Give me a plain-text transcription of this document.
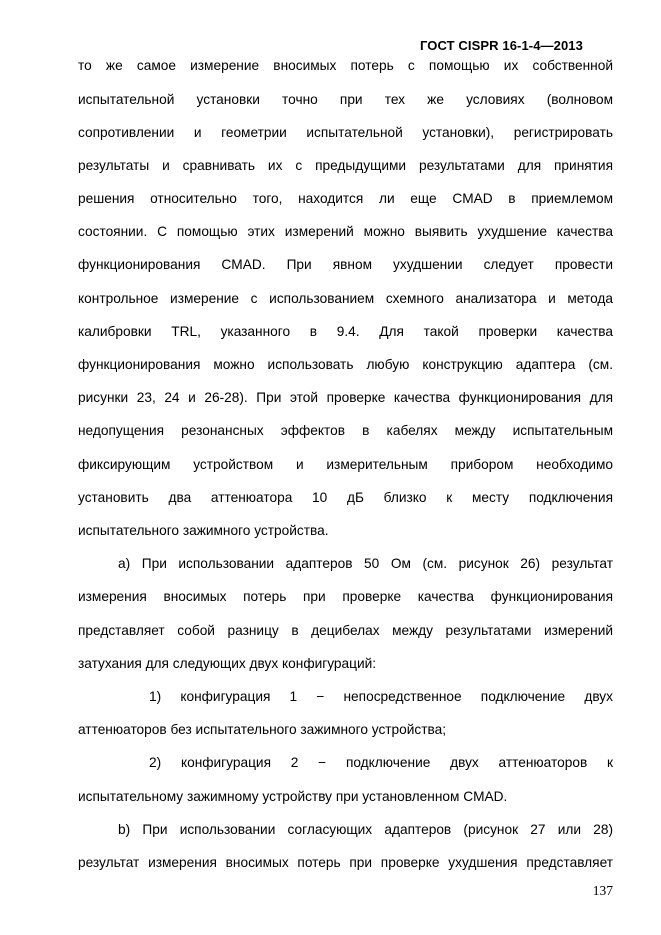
ГОСТ CISPR 16-1-4—2013
то же самое измерение вносимых потерь с помощью их собственной
испытательной установки точно при тех же условиях (волновом
сопротивлении и геометрии испытательной установки), регистрировать
результаты и сравнивать их с предыдущими результатами для принятия
решения относительно того, находится ли еще CMAD в приемлемом
состоянии. С помощью этих измерений можно выявить ухудшение качества
функционирования CMAD. При явном ухудшении следует провести
контрольное измерение с использованием схемного анализатора и метода
калибровки TRL, указанного в 9.4. Для такой проверки качества
функционирования можно использовать любую конструкцию адаптера (см.
рисунки 23, 24 и 26-28). При этой проверке качества функционирования для
недопущения резонансных эффектов в кабелях между испытательным
фиксирующим устройством и измерительным прибором необходимо
установить два аттенюатора 10 дБ близко к месту подключения
испытательного зажимного устройства.
а) При использовании адаптеров 50 Ом (см. рисунок 26) результат
измерения вносимых потерь при проверке качества функционирования
представляет собой разницу в децибелах между результатами измерений
затухания для следующих двух конфигураций:
1) конфигурация 1 − непосредственное подключение двух
аттенюаторов без испытательного зажимного устройства;
2) конфигурация 2 − подключение двух аттенюаторов к
испытательному зажимному устройству при установленном CMAD.
b) При использовании согласующих адаптеров (рисунок 27 или 28)
результат измерения вносимых потерь при проверке ухудшения представляет
137
